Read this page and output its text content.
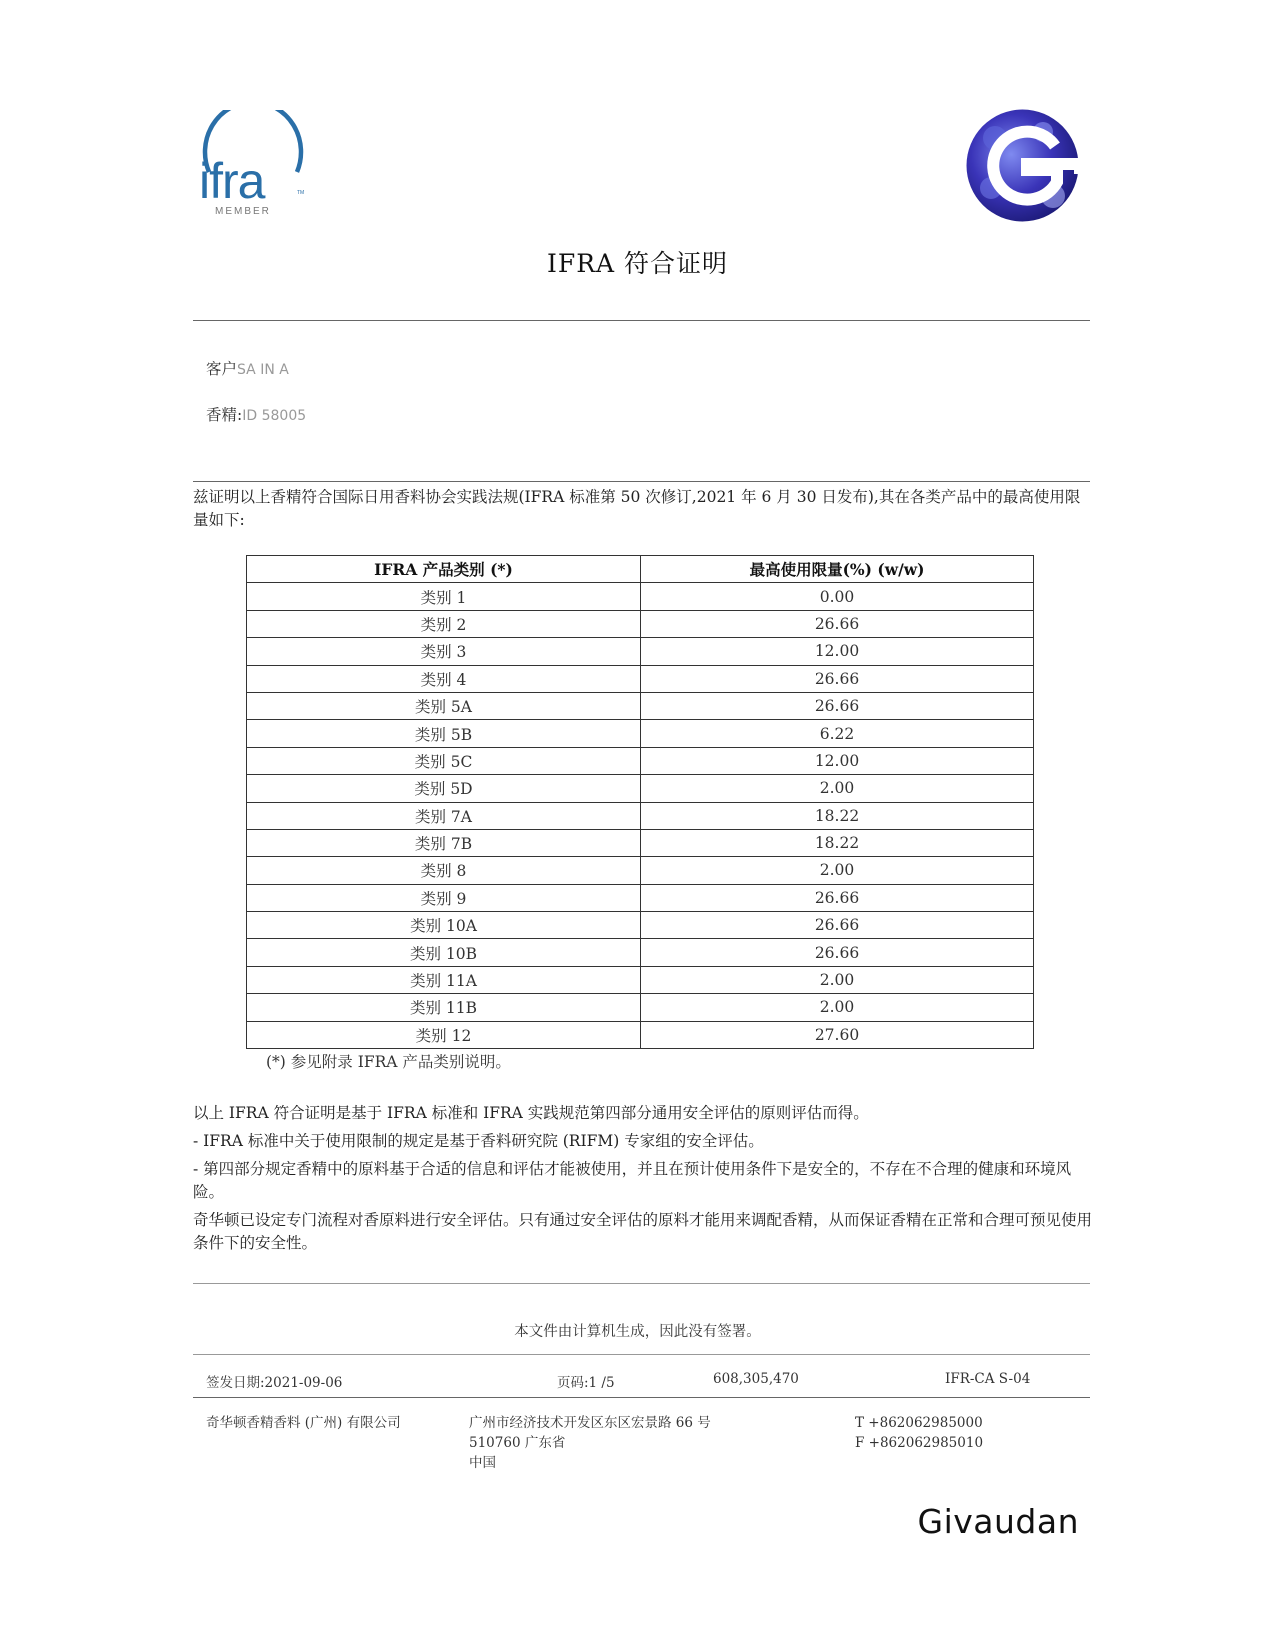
ifra	TM
MEMBER
IFRA 符合证明
客户SA IN A
香精:ID 58005
兹证明以上香精符合国际日用香料协会实践法规(IFRA 标准第 50 次修订,2021 年 6 月 30 日发布),其在各类产品中的最高使用限量如下:
IFRA 产品类别 (*)	最高使用限量(%) (w/w)
类别 1	0.00
类别 2	26.66
类别 3	12.00
类别 4	26.66
类别 5A	26.66
类别 5B	6.22
类别 5C	12.00
类别 5D	2.00
类别 7A	18.22
类别 7B	18.22
类别 8	2.00
类别 9	26.66
类别 10A	26.66
类别 10B	26.66
类别 11A	2.00
类别 11B	2.00
类别 12	27.60
(*) 参见附录 IFRA 产品类别说明。
以上 IFRA 符合证明是基于 IFRA 标准和 IFRA 实践规范第四部分通用安全评估的原则评估而得。
- IFRA 标准中关于使用限制的规定是基于香料研究院 (RIFM) 专家组的安全评估。
- 第四部分规定香精中的原料基于合适的信息和评估才能被使用，并且在预计使用条件下是安全的，不存在不合理的健康和环境风险。
奇华顿已设定专门流程对香原料进行安全评估。只有通过安全评估的原料才能用来调配香精，从而保证香精在正常和合理可预见使用条件下的安全性。
本文件由计算机生成，因此没有签署。
签发日期:2021-09-06	页码:1 /5	608,305,470	IFR-CA S-04
奇华顿香精香料 (广州) 有限公司	广州市经济技术开发区东区宏景路 66 号
510760 广东省
中国
T +862062985000
F +862062985010
Givaudan
